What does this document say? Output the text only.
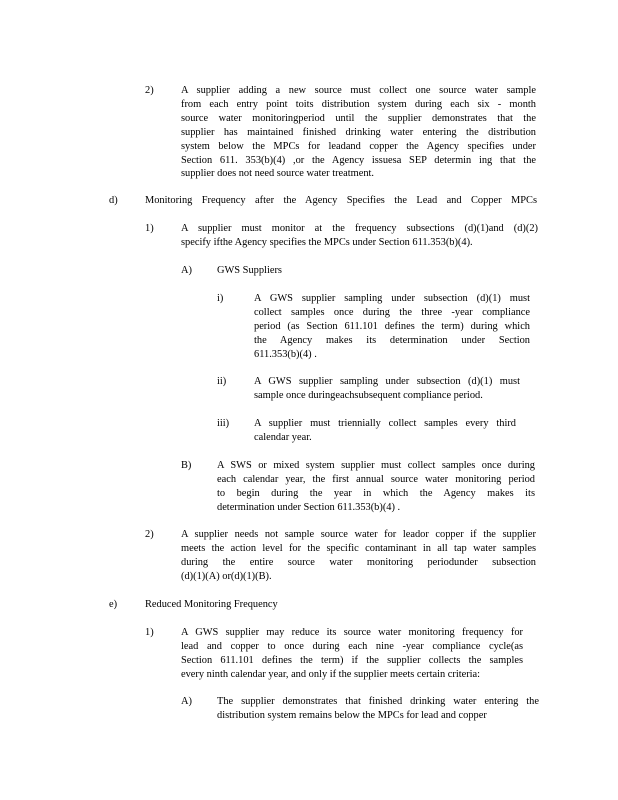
2)	A supplier adding a new source must collect one source water sample
from each entry point toits distribution system during each six - month
source water monitoringperiod until the supplier demonstrates that the
supplier has maintained finished drinking water entering the distribution
system below the MPCs for leadand copper the Agency specifies under
Section 611. 353(b)(4) ,or the Agency issuesa SEP determin ing that the
supplier does not need source water treatment.
d)	Monitoring Frequency after the Agency Specifies the Lead and Copper MPCs
1)	A supplier must monitor at the frequency subsections (d)(1)and (d)(2)
specify ifthe Agency specifies the MPCs under Section 611.353(b)(4).
A) GWS Suppliers
i)	A GWS supplier sampling under subsection (d)(1) must
collect samples once during the three -year compliance
period (as Section 611.101 defines the term) during which
the Agency makes its determination under Section
611.353(b)(4) .
ii)	A GWS supplier sampling under subsection (d)(1) must
sample once duringeachsubsequent compliance period.
iii) A supplier must triennially collect samples every third
calendar year.
B) A SWS or mixed system supplier must collect samples once during
each calendar year, the first annual source water monitoring period
to begin during the year in which the Agency makes its
determination under Section 611.353(b)(4) .
2)	A supplier needs not sample source water for leador copper if the supplier
meets the action level for the specific contaminant in all tap water samples
during the entire source water monitoring periodunder subsection
(d)(1)(A) or(d)(1)(B).
e)	Reduced Monitoring Frequency
1)	A GWS supplier may reduce its source water monitoring frequency for
lead and copper to once during each nine -year compliance cycle(as
Section 611.101 defines the term) if the supplier collects the samples
every ninth calendar year, and only if the supplier meets certain criteria:
A) The supplier demonstrates that finished drinking water entering the
distribution system remains below the MPCs for lead and copper
